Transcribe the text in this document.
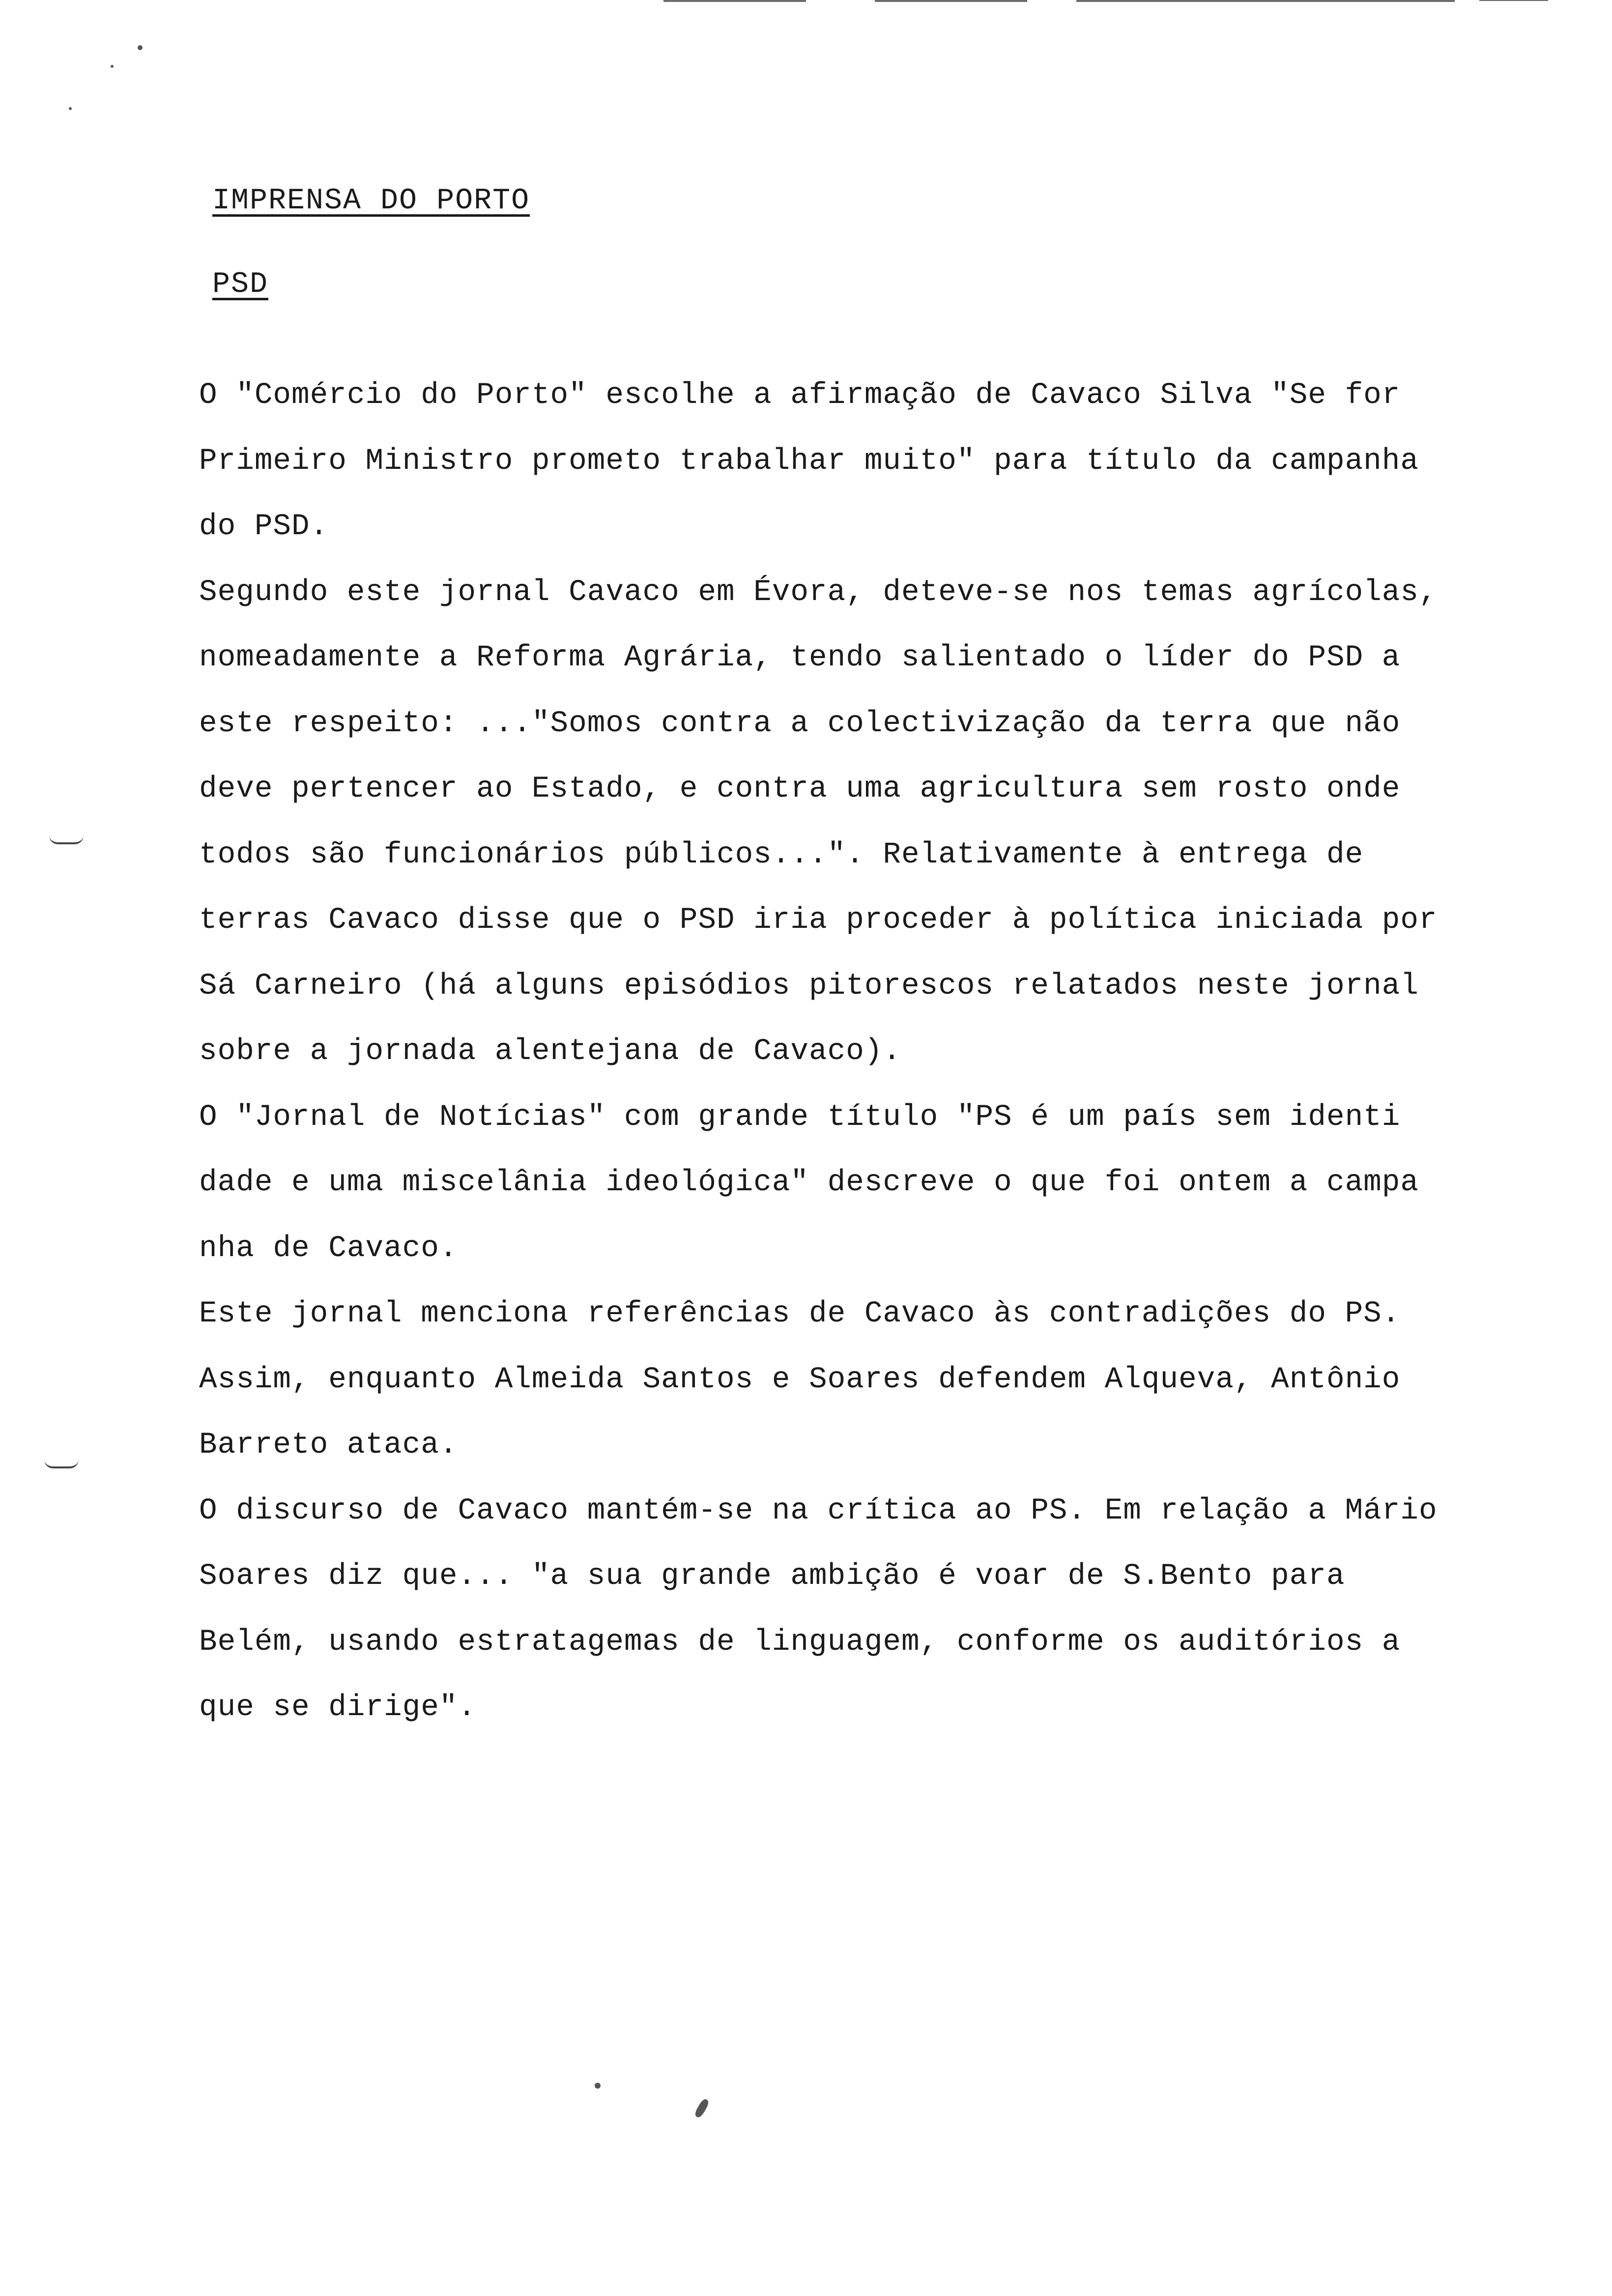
IMPRENSA DO PORTO
PSD
O "Comércio do Porto" escolhe a afirmação de Cavaco Silva "Se for
Primeiro Ministro prometo trabalhar muito" para título da campanha
do PSD.
Segundo este jornal Cavaco em Évora, deteve-se nos temas agrícolas,
nomeadamente a Reforma Agrária, tendo salientado o líder do PSD a
este respeito: ..."Somos contra a colectivização da terra que não
deve pertencer ao Estado, e contra uma agricultura sem rosto onde
todos são funcionários públicos...". Relativamente à entrega de
terras Cavaco disse que o PSD iria proceder à política iniciada por
Sá Carneiro (há alguns episódios pitorescos relatados neste jornal
sobre a jornada alentejana de Cavaco).
O "Jornal de Notícias" com grande título "PS é um país sem identi
dade e uma miscelânia ideológica" descreve o que foi ontem a campa
nha de Cavaco.
Este jornal menciona referências de Cavaco às contradições do PS.
Assim, enquanto Almeida Santos e Soares defendem Alqueva, Antônio
Barreto ataca.
O discurso de Cavaco mantém-se na crítica ao PS. Em relação a Mário
Soares diz que... "a sua grande ambição é voar de S.Bento para
Belém, usando estratagemas de linguagem, conforme os auditórios a
que se dirige".
